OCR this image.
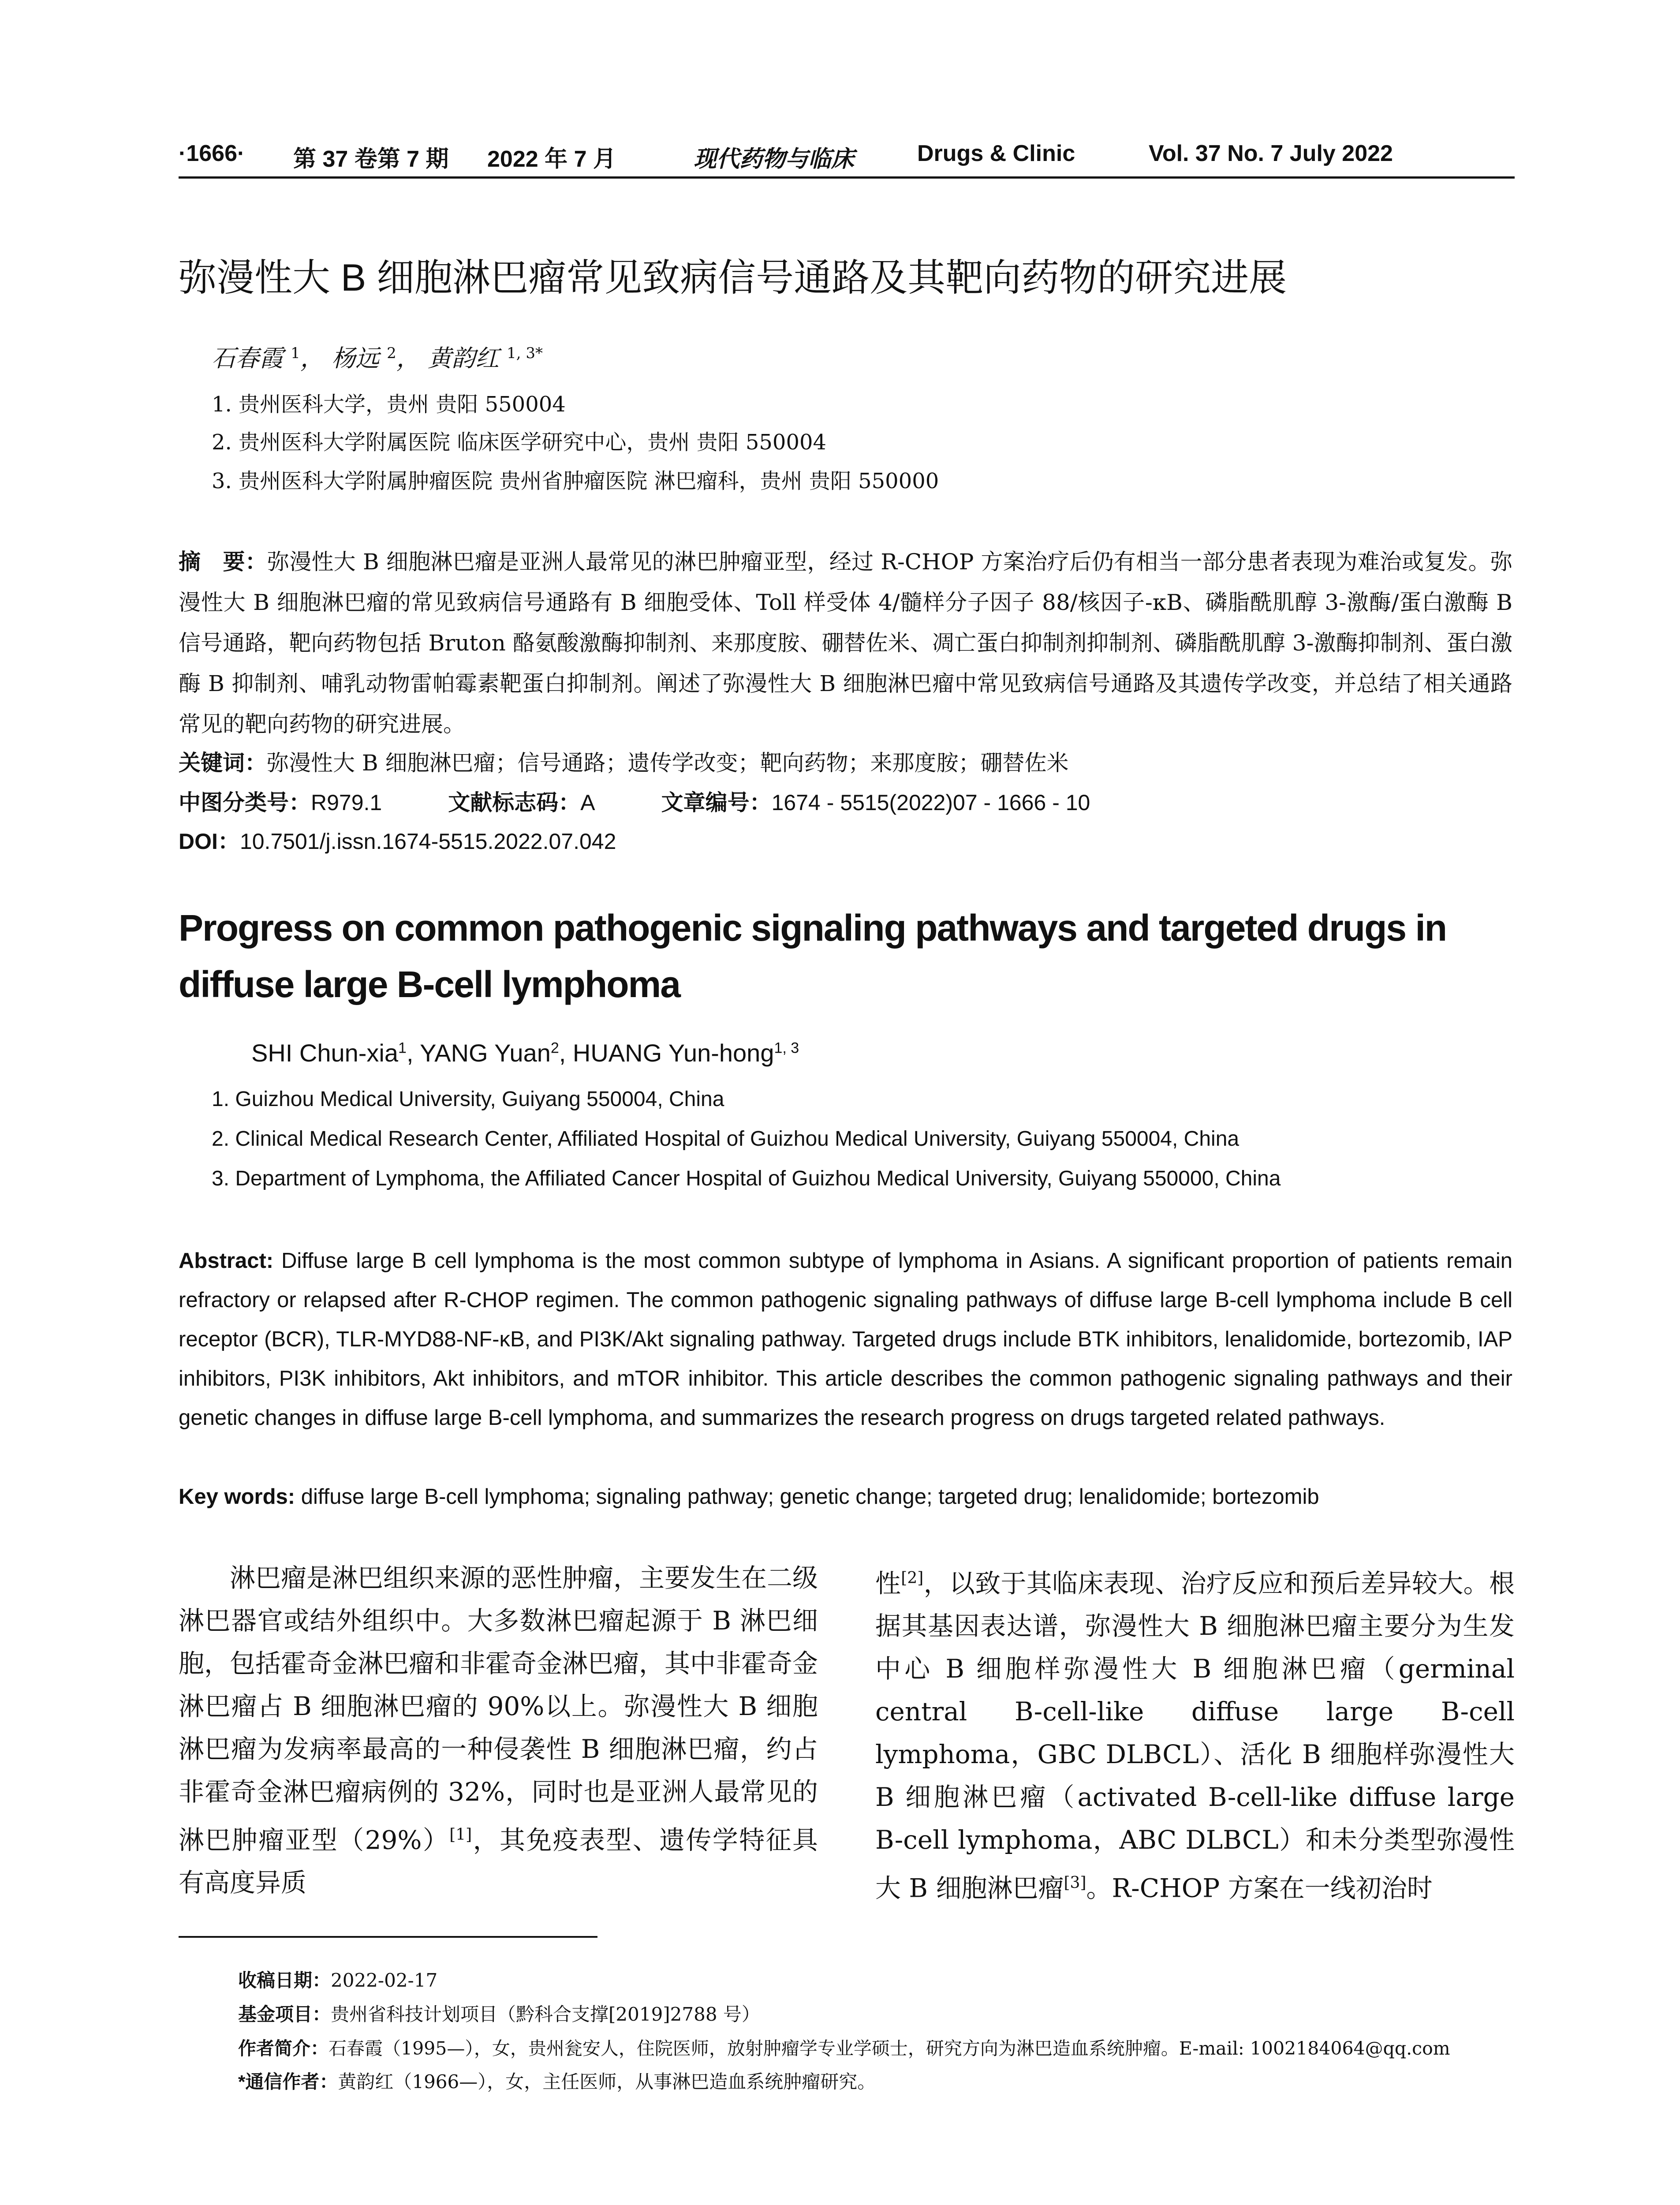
·1666· 第 37 卷第 7 期 2022 年 7 月	现代药物与临床	Drugs & Clinic	Vol. 37 No. 7 July 2022
弥漫性大 B 细胞淋巴瘤常见致病信号通路及其靶向药物的研究进展
石春霞 $^1$， 杨远 $^2$， 黄韵红 $^{1, 3*}$
1. 贵州医科大学，贵州 贵阳 550004
2. 贵州医科大学附属医院 临床医学研究中心，贵州 贵阳 550004
3. 贵州医科大学附属肿瘤医院 贵州省肿瘤医院 淋巴瘤科，贵州 贵阳 550000
摘　要：弥漫性大 B 细胞淋巴瘤是亚洲人最常见的淋巴肿瘤亚型，经过 R-CHOP 方案治疗后仍有相当一部分患者表现为难治或复发。弥漫性大 B 细胞淋巴瘤的常见致病信号通路有 B 细胞受体、Toll 样受体 4/髓样分子因子 88/核因子-κB、磷脂酰肌醇 3-激酶/蛋白激酶 B 信号通路，靶向药物包括 Bruton 酪氨酸激酶抑制剂、来那度胺、硼替佐米、凋亡蛋白抑制剂抑制剂、磷脂酰肌醇 3-激酶抑制剂、蛋白激酶 B 抑制剂、哺乳动物雷帕霉素靶蛋白抑制剂。阐述了弥漫性大 B 细胞淋巴瘤中常见致病信号通路及其遗传学改变，并总结了相关通路常见的靶向药物的研究进展。
关键词：弥漫性大 B 细胞淋巴瘤；信号通路；遗传学改变；靶向药物；来那度胺；硼替佐米
中图分类号：R979.1	文献标志码：A	文章编号：1674 - 5515(2022)07 - 1666 - 10
DOI：10.7501/j.issn.1674-5515.2022.07.042
Progress on common pathogenic signaling pathways and targeted drugs in diffuse large B-cell lymphoma
SHI Chun-xia$^1$, YANG Yuan$^2$, HUANG Yun-hong$^{1, 3}$
1. Guizhou Medical University, Guiyang 550004, China
2. Clinical Medical Research Center, Affiliated Hospital of Guizhou Medical University, Guiyang 550004, China
3. Department of Lymphoma, the Affiliated Cancer Hospital of Guizhou Medical University, Guiyang 550000, China
Abstract: Diffuse large B cell lymphoma is the most common subtype of lymphoma in Asians. A significant proportion of patients remain refractory or relapsed after R-CHOP regimen. The common pathogenic signaling pathways of diffuse large B-cell lymphoma include B cell receptor (BCR), TLR-MYD88-NF-κB, and PI3K/Akt signaling pathway. Targeted drugs include BTK inhibitors, lenalidomide, bortezomib, IAP inhibitors, PI3K inhibitors, Akt inhibitors, and mTOR inhibitor. This article describes the common pathogenic signaling pathways and their genetic changes in diffuse large B-cell lymphoma, and summarizes the research progress on drugs targeted related pathways.
Key words: diffuse large B-cell lymphoma; signaling pathway; genetic change; targeted drug; lenalidomide; bortezomib
淋巴瘤是淋巴组织来源的恶性肿瘤，主要发生在二级淋巴器官或结外组织中。大多数淋巴瘤起源于 B 淋巴细胞，包括霍奇金淋巴瘤和非霍奇金淋巴瘤，其中非霍奇金淋巴瘤占 B 细胞淋巴瘤的 90%以上。弥漫性大 B 细胞淋巴瘤为发病率最高的一种侵袭性 B 细胞淋巴瘤，约占非霍奇金淋巴瘤病例的 32%，同时也是亚洲人最常见的淋巴肿瘤亚型（29%）[1]，其免疫表型、遗传学特征具有高度异质
性[2]，以致于其临床表现、治疗反应和预后差异较大。根据其基因表达谱，弥漫性大 B 细胞淋巴瘤主要分为生发中心 B 细胞样弥漫性大 B 细胞淋巴瘤（germinal central B-cell-like diffuse large B-cell lymphoma，GBC DLBCL）、活化 B 细胞样弥漫性大 B 细胞淋巴瘤（activated B-cell-like diffuse large B-cell lymphoma，ABC DLBCL）和未分类型弥漫性大 B 细胞淋巴瘤[3]。R-CHOP 方案在一线初治时
收稿日期：2022-02-17
基金项目：贵州省科技计划项目（黔科合支撑[2019]2788 号）
作者简介：石春霞（1995—），女，贵州瓮安人，住院医师，放射肿瘤学专业学硕士，研究方向为淋巴造血系统肿瘤。E-mail: 1002184064@qq.com
*通信作者：黄韵红（1966—），女，主任医师，从事淋巴造血系统肿瘤研究。
